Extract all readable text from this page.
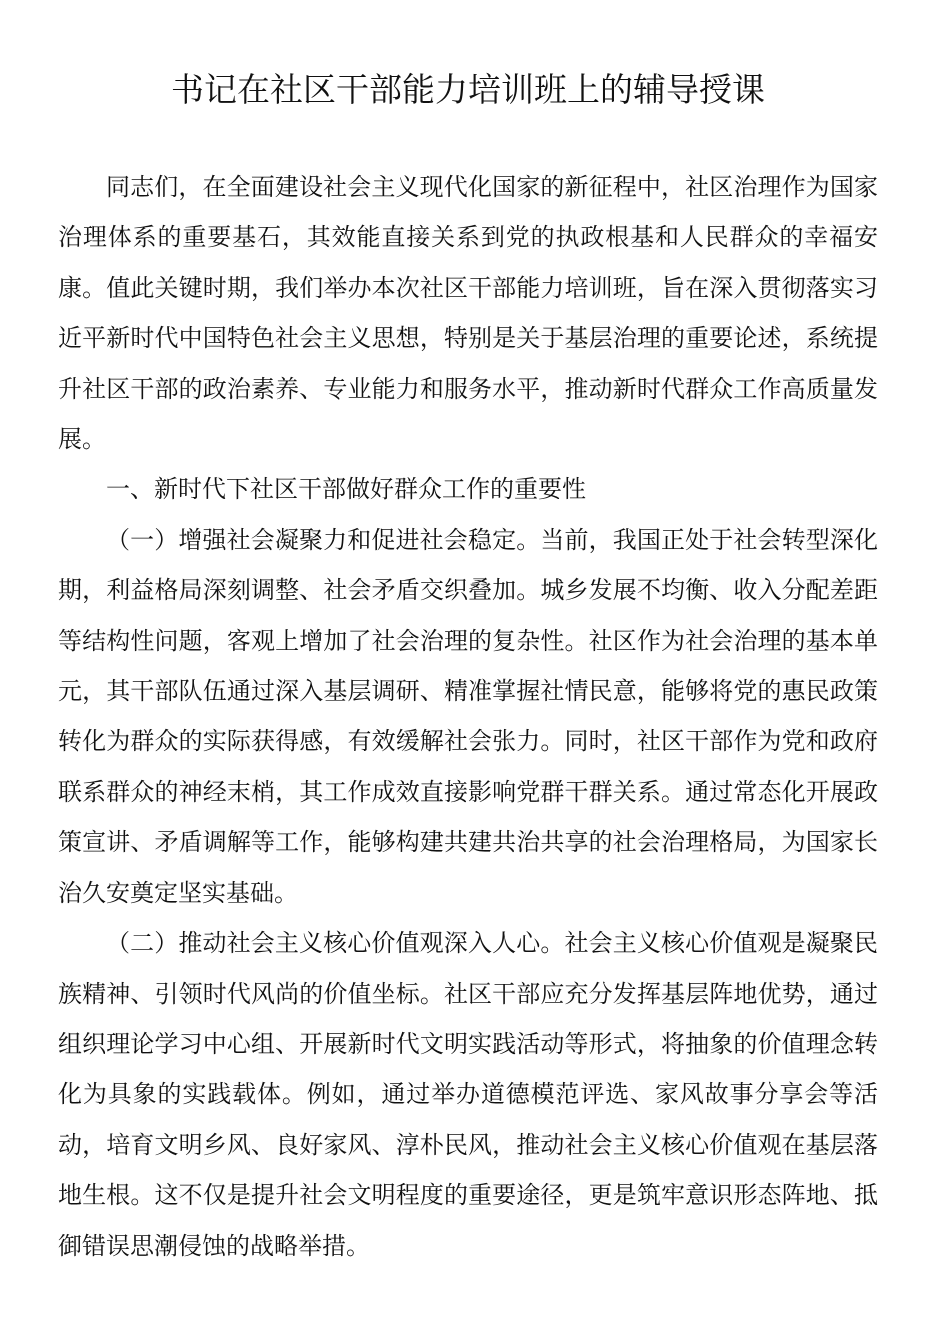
书记在社区干部能力培训班上的辅导授课

同志们，在全面建设社会主义现代化国家的新征程中，社区治理作为国家治理体系的重要基石，其效能直接关系到党的执政根基和人民群众的幸福安康。值此关键时期，我们举办本次社区干部能力培训班，旨在深入贯彻落实习近平新时代中国特色社会主义思想，特别是关于基层治理的重要论述，系统提升社区干部的政治素养、专业能力和服务水平，推动新时代群众工作高质量发展。

一、新时代下社区干部做好群众工作的重要性

（一）增强社会凝聚力和促进社会稳定。当前，我国正处于社会转型深化期，利益格局深刻调整、社会矛盾交织叠加。城乡发展不均衡、收入分配差距等结构性问题，客观上增加了社会治理的复杂性。社区作为社会治理的基本单元，其干部队伍通过深入基层调研、精准掌握社情民意，能够将党的惠民政策转化为群众的实际获得感，有效缓解社会张力。同时，社区干部作为党和政府联系群众的神经末梢，其工作成效直接影响党群干群关系。通过常态化开展政策宣讲、矛盾调解等工作，能够构建共建共治共享的社会治理格局，为国家长治久安奠定坚实基础。

（二）推动社会主义核心价值观深入人心。社会主义核心价值观是凝聚民族精神、引领时代风尚的价值坐标。社区干部应充分发挥基层阵地优势，通过组织理论学习中心组、开展新时代文明实践活动等形式，将抽象的价值理念转化为具象的实践载体。例如，通过举办道德模范评选、家风故事分享会等活动，培育文明乡风、良好家风、淳朴民风，推动社会主义核心价值观在基层落地生根。这不仅是提升社会文明程度的重要途径，更是筑牢意识形态阵地、抵御错误思潮侵蚀的战略举措。
